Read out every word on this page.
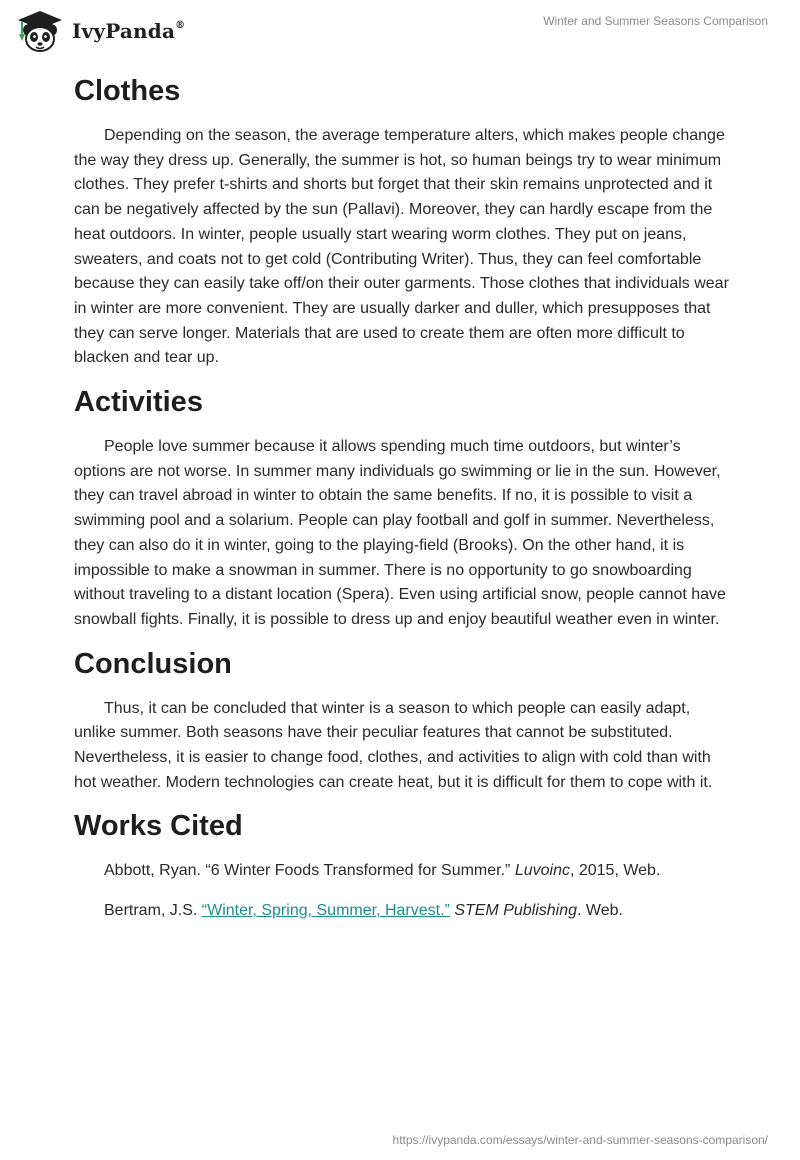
IvyPanda®	Winter and Summer Seasons Comparison
Clothes

Depending on the season, the average temperature alters, which makes people change the way they dress up. Generally, the summer is hot, so human beings try to wear minimum clothes. They prefer t-shirts and shorts but forget that their skin remains unprotected and it can be negatively affected by the sun (Pallavi). Moreover, they can hardly escape from the heat outdoors. In winter, people usually start wearing worm clothes. They put on jeans, sweaters, and coats not to get cold (Contributing Writer). Thus, they can feel comfortable because they can easily take off/on their outer garments. Those clothes that individuals wear in winter are more convenient. They are usually darker and duller, which presupposes that they can serve longer. Materials that are used to create them are often more difficult to blacken and tear up.

Activities

People love summer because it allows spending much time outdoors, but winter’s options are not worse. In summer many individuals go swimming or lie in the sun. However, they can travel abroad in winter to obtain the same benefits. If no, it is possible to visit a swimming pool and a solarium. People can play football and golf in summer. Nevertheless, they can also do it in winter, going to the playing-field (Brooks). On the other hand, it is impossible to make a snowman in summer. There is no opportunity to go snowboarding without traveling to a distant location (Spera). Even using artificial snow, people cannot have snowball fights. Finally, it is possible to dress up and enjoy beautiful weather even in winter.

Conclusion

Thus, it can be concluded that winter is a season to which people can easily adapt, unlike summer. Both seasons have their peculiar features that cannot be substituted. Nevertheless, it is easier to change food, clothes, and activities to align with cold than with hot weather. Modern technologies can create heat, but it is difficult for them to cope with it.

Works Cited

Abbott, Ryan. “6 Winter Foods Transformed for Summer.” Luvoinc, 2015, Web.

Bertram, J.S. “Winter, Spring, Summer, Harvest.” STEM Publishing. Web.

https://ivypanda.com/essays/winter-and-summer-seasons-comparison/
